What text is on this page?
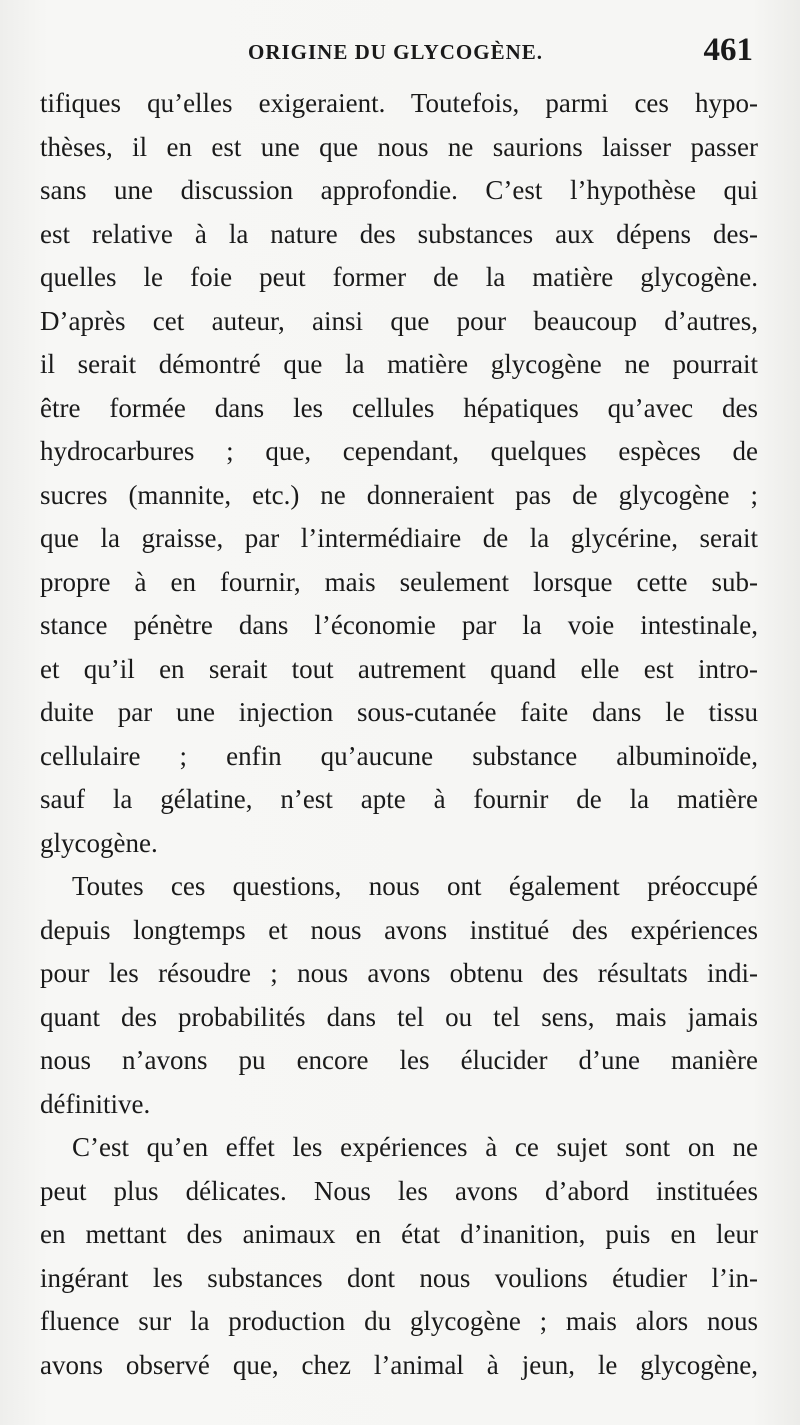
ORIGINE DU GLYCOGÈNE.	461
tifiques qu’elles exigeraient. Toutefois, parmi ces hypo-
thèses, il en est une que nous ne saurions laisser passer
sans une discussion approfondie. C’est l’hypothèse qui
est relative à la nature des substances aux dépens des-
quelles le foie peut former de la matière glycogène.
D’après cet auteur, ainsi que pour beaucoup d’autres,
il serait démontré que la matière glycogène ne pourrait
être formée dans les cellules hépatiques qu’avec des
hydrocarbures ; que, cependant, quelques espèces de
sucres (mannite, etc.) ne donneraient pas de glycogène ;
que la graisse, par l’intermédiaire de la glycérine, serait
propre à en fournir, mais seulement lorsque cette sub-
stance pénètre dans l’économie par la voie intestinale,
et qu’il en serait tout autrement quand elle est intro-
duite par une injection sous-cutanée faite dans le tissu
cellulaire ; enfin qu’aucune substance albuminoïde,
sauf la gélatine, n’est apte à fournir de la matière
glycogène.
Toutes ces questions, nous ont également préoccupé
depuis longtemps et nous avons institué des expériences
pour les résoudre ; nous avons obtenu des résultats indi-
quant des probabilités dans tel ou tel sens, mais jamais
nous n’avons pu encore les élucider d’une manière
définitive.
C’est qu’en effet les expériences à ce sujet sont on ne
peut plus délicates. Nous les avons d’abord instituées
en mettant des animaux en état d’inanition, puis en leur
ingérant les substances dont nous voulions étudier l’in-
fluence sur la production du glycogène ; mais alors nous
avons observé que, chez l’animal à jeun, le glycogène,
